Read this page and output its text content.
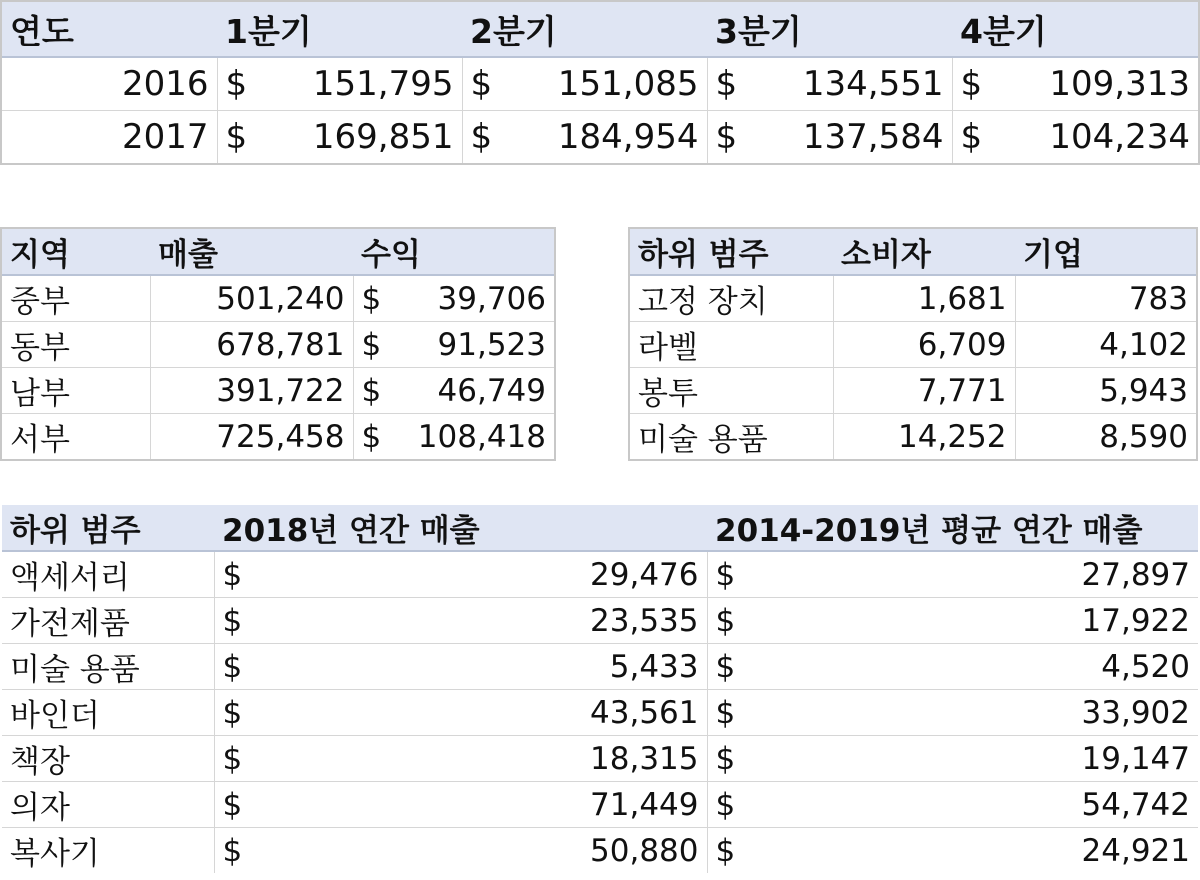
연도	1분기	2분기	3분기	4분기
2016	$ 151,795	$ 151,085	$ 134,551	$ 109,313

2017	$ 169,851	$ 184,954	$ 137,584	$ 104,234
지역	매출	수익
중부	501,240	$ 39,706

동부	678,781	$ 91,523

남부	391,722	$ 46,749

서부	725,458	$ 108,418
하위 범주	소비자	기업
고정 장치	1,681	783
라벨	6,709	4,102
봉투	7,771	5,943
미술 용품	14,252	8,590
하위 범주	2018년 연간 매출	2014-2019년 평균 연간 매출
액세서리	$ 29,476	$ 27,897

가전제품	$ 23,535	$ 17,922

미술 용품	$ 5,433	$ 4,520

바인더	$ 43,561	$ 33,902

책장	$ 18,315	$ 19,147

의자	$ 71,449	$ 54,742

복사기	$ 50,880	$ 24,921
